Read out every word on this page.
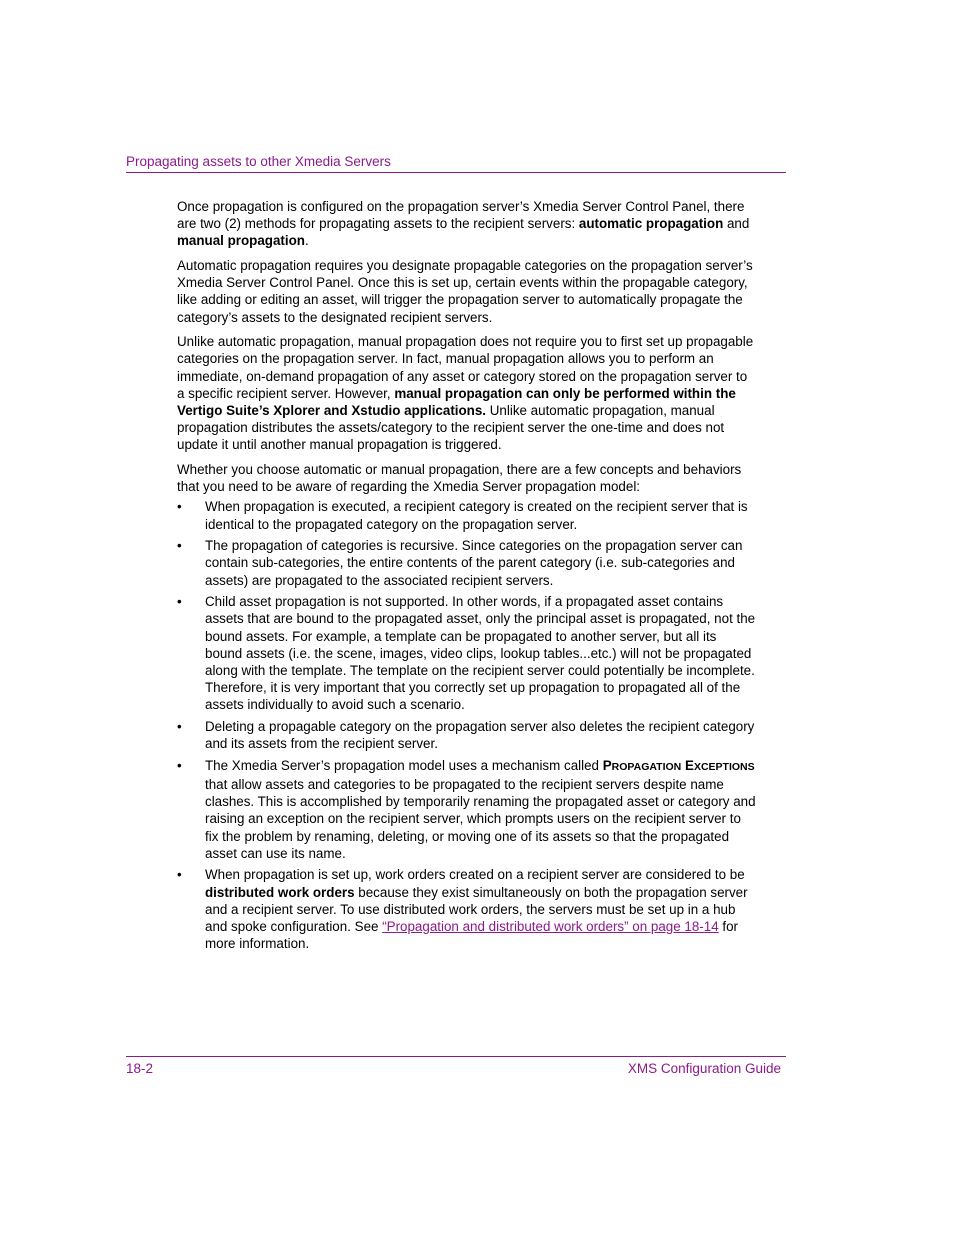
Propagating assets to other Xmedia Servers

Once propagation is configured on the propagation server’s Xmedia Server Control Panel, there are two (2) methods for propagating assets to the recipient servers: automatic propagation and manual propagation.

Automatic propagation requires you designate propagable categories on the propagation server’s Xmedia Server Control Panel. Once this is set up, certain events within the propagable category, like adding or editing an asset, will trigger the propagation server to automatically propagate the category’s assets to the designated recipient servers.

Unlike automatic propagation, manual propagation does not require you to first set up propagable categories on the propagation server. In fact, manual propagation allows you to perform an immediate, on-demand propagation of any asset or category stored on the propagation server to a specific recipient server. However, manual propagation can only be performed within the Vertigo Suite’s Xplorer and Xstudio applications. Unlike automatic propagation, manual propagation distributes the assets/category to the recipient server the one-time and does not update it until another manual propagation is triggered.

Whether you choose automatic or manual propagation, there are a few concepts and behaviors that you need to be aware of regarding the Xmedia Server propagation model:

• When propagation is executed, a recipient category is created on the recipient server that is identical to the propagated category on the propagation server.
• The propagation of categories is recursive. Since categories on the propagation server can contain sub-categories, the entire contents of the parent category (i.e. sub-categories and assets) are propagated to the associated recipient servers.
• Child asset propagation is not supported. In other words, if a propagated asset contains assets that are bound to the propagated asset, only the principal asset is propagated, not the bound assets. For example, a template can be propagated to another server, but all its bound assets (i.e. the scene, images, video clips, lookup tables...etc.) will not be propagated along with the template. The template on the recipient server could potentially be incomplete. Therefore, it is very important that you correctly set up propagation to propagated all of the assets individually to avoid such a scenario.
• Deleting a propagable category on the propagation server also deletes the recipient category and its assets from the recipient server.
• The Xmedia Server’s propagation model uses a mechanism called PROPAGATION EXCEPTIONS that allow assets and categories to be propagated to the recipient servers despite name clashes. This is accomplished by temporarily renaming the propagated asset or category and raising an exception on the recipient server, which prompts users on the recipient server to fix the problem by renaming, deleting, or moving one of its assets so that the propagated asset can use its name.
• When propagation is set up, work orders created on a recipient server are considered to be distributed work orders because they exist simultaneously on both the propagation server and a recipient server. To use distributed work orders, the servers must be set up in a hub and spoke configuration. See “Propagation and distributed work orders” on page 18-14 for more information.
18-2	XMS Configuration Guide
